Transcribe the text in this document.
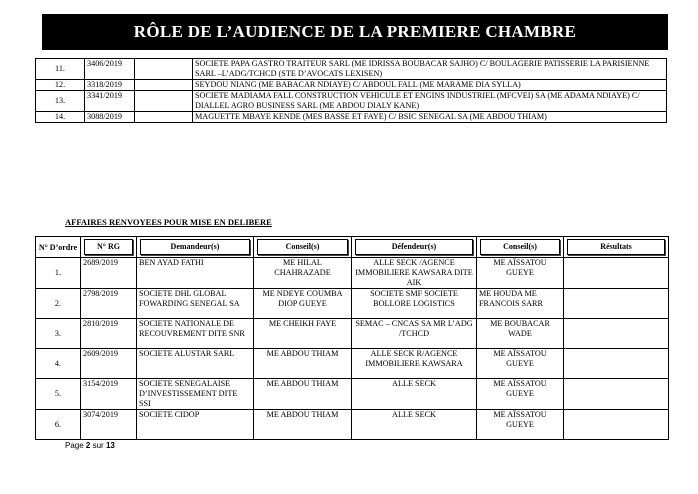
RÔLE DE L’AUDIENCE DE LA PREMIERE CHAMBRE
11.	3406/2019		SOCIETE PAPA GASTRO TRAITEUR SARL (ME IDRISSA BOUBACAR SAJHO) C/ BOULAGERIE PATISSERIE LA PARISIENNE SARL –L’ADG/TCHCD (STE D’AVOCATS LEXISEN)
12.	3318/2019		SEYDOU NIANG (ME BABACAR NDIAYE) C/ ABDOUL FALL (ME MARAME DIA SYLLA)
13.	3341/2019		SOCIETE MADIAMA FALL CONSTRUCTION VEHICULE ET ENGINS INDUSTRIEL (MFCVEI) SA (ME ADAMA NDIAYE) C/ DIALLEL AGRO BUSINESS SARL (ME ABDOU DIALY KANE)
14.	3088/2019		MAGUETTE MBAYE KENDE (MES BASSE ET FAYE) C/ BSIC SENEGAL SA (ME ABDOU THIAM)
AFFAIRES RENVOYEES POUR MISE EN DELIBERE
N° D’ordre	N° RG	Demandeur(s)	Conseil(s)	Défendeur(s)	Conseil(s)	Résultats

1.	2689/2019	BEN AYAD FATHI	ME HILAL CHAHRAZADE	ALLE SECK /AGENCE IMMOBILIERE KAWSARA DITE AIK	ME AÏSSATOU GUEYE	
2.	2798/2019	SOCIETE DHL GLOBAL FOWARDING SENEGAL SA	ME NDEYE COUMBA DIOP GUEYE	SOCIETE SMF SOCIETE BOLLORE LOGISTICS	ME HOUDA ME FRANCOIS SARR	
3.	2810/2019	SOCIETE NATIONALE DE RECOUVREMENT DITE SNR	ME CHEIKH FAYE	SEMAC – CNCAS SA MR L’ADG /TCHCD	ME BOUBACAR WADE	
4.	2609/2019	SOCIETE ALUSTAR SARL	ME ABDOU THIAM	ALLE SECK R/AGENCE IMMOBILIERE KAWSARA	ME AÏSSATOU GUEYE	
5.	3154/2019	SOCIETE SENEGALAISE D’INVESTISSEMENT DITE SSI	ME ABDOU THIAM	ALLE SECK	ME AÏSSATOU GUEYE	
6.	3074/2019	SOCIETE CIDOP	ME ABDOU THIAM	ALLE SECK	ME AÏSSATOU GUEYE	
Page 2 sur 13
